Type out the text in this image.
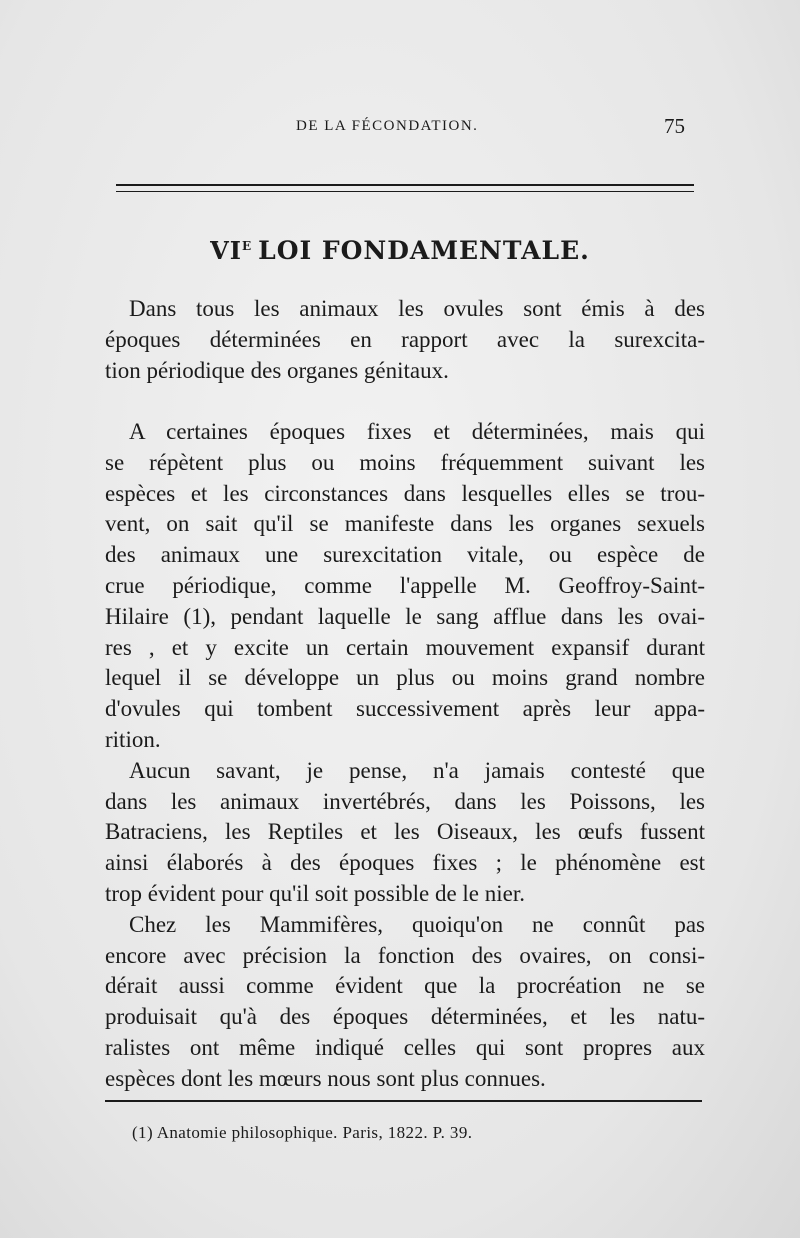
DE LA FÉCONDATION.	75
$VI^E$ LOI FONDAMENTALE.
Dans tous les animaux les ovules sont émis à des
époques déterminées en rapport avec la surexcita-
tion périodique des organes génitaux.
A certaines époques fixes et déterminées, mais qui
se répètent plus ou moins fréquemment suivant les
espèces et les circonstances dans lesquelles elles se trou-
vent, on sait qu'il se manifeste dans les organes sexuels
des animaux une surexcitation vitale, ou espèce de
crue périodique, comme l'appelle M. Geoffroy-Saint-
Hilaire (1), pendant laquelle le sang afflue dans les ovai-
res , et y excite un certain mouvement expansif durant
lequel il se développe un plus ou moins grand nombre
d'ovules qui tombent successivement après leur appa-
rition.
Aucun savant, je pense, n'a jamais contesté que
dans les animaux invertébrés, dans les Poissons, les
Batraciens, les Reptiles et les Oiseaux, les œufs fussent
ainsi élaborés à des époques fixes ; le phénomène est
trop évident pour qu'il soit possible de le nier.
Chez les Mammifères, quoiqu'on ne connût pas
encore avec précision la fonction des ovaires, on consi-
dérait aussi comme évident que la procréation ne se
produisait qu'à des époques déterminées, et les natu-
ralistes ont même indiqué celles qui sont propres aux
espèces dont les mœurs nous sont plus connues.
(1) Anatomie philosophique. Paris, 1822. P. 39.
